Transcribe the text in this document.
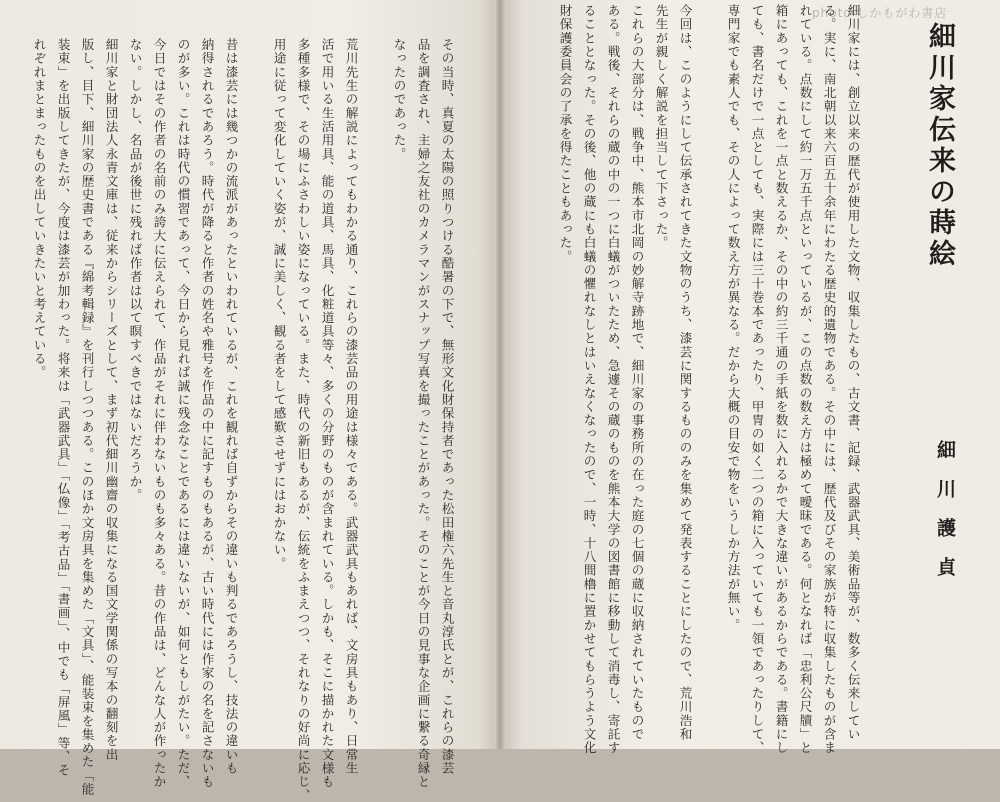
photo しかもがわ書店
細川家伝来の蒔絵
細川護貞
細川家には、創立以来の歴代が使用した文物、収集したもの、古文書、記録、武器武具、美術品等が、数多く伝来してい
る。実に、南北朝以来六百五十余年にわたる歴史的遺物である。その中には、歴代及びその家族が特に収集したものが含ま
れている。点数にして約一万五千点といっているが、この点数の数え方は極めて曖昧である。何となれば「忠利公尺牘」と
箱にあっても、これを一点と数えるか、その中の約三千通の手紙を数に入れるかで大きな違いがあるからである。書籍にし
ても、書名だけで一点としても、実際には三十巻本であったり、甲冑の如く二つの箱に入っていても一領であったりして、
専門家でも素人でも、その人によって数え方が異なる。だから大概の目安で物をいうしか方法が無い。
今回は、このようにして伝承されてきた文物のうち、漆芸に関するもののみを集めて発表することにしたので、荒川浩和
先生が親しく解説を担当して下さった。
これらの大部分は、戦争中、熊本市北岡の妙解寺跡地で、細川家の事務所の在った庭の七個の蔵に収納されていたもので
ある。戦後、それらの蔵の中の一つに白蟻がついたため、急遽その蔵のものを熊本大学の図書館に移動して消毒し、寄託す
ることとなった。その後、他の蔵にも白蟻の懼れなしとはいえなくなったので、一時、十八間櫓に置かせてもらうよう文化
財保護委員会の了承を得たこともあった。
その当時、真夏の太陽の照りつける酷暑の下で、無形文化財保持者であった松田権六先生と音丸淳氏とが、これらの漆芸
品を調査され、主婦之友社のカメラマンがスナップ写真を撮ったことがあった。そのことが今日の見事な企画に繋る奇縁と
なったのであった。
荒川先生の解説によってもわかる通り、これらの漆芸品の用途は様々である。武器武具もあれば、文房具もあり、日常生
活で用いる生活用具、能の道具、馬具、化粧道具等々、多くの分野のものが含まれている。しかも、そこに描かれた文様も
多種多様で、その場にふさわしい姿になっている。また、時代の新旧もあるが、伝統をふまえつつ、それなりの好尚に応じ、
用途に従って変化していく姿が、誠に美しく、観る者をして感歎させずにはおかない。
昔は漆芸には幾つかの流派があったといわれているが、これを観れば自ずからその違いも判るであろうし、技法の違いも
納得されるであろう。時代が降ると作者の姓名や雅号を作品の中に記すものもあるが、古い時代には作家の名を記さないも
のが多い。これは時代の慣習であって、今日から見れば誠に残念なことであるには違いないが、如何ともしがたい。ただ、
今日ではその作者の名前のみ誇大に伝えられて、作品がそれに伴わないものも多々ある。昔の作品は、どんな人が作ったか
ない。しかし、名品が後世に残れば作者は以て瞑すべきではないだろうか。
細川家と財団法人永青文庫は、従来からシリーズとして、まず初代細川幽齋の収集になる国文学関係の写本の翻刻を出
版し、目下、細川家の歴史書である『綿考輯録』を刊行しつつある。このほか文房具を集めた「文具」、能装束を集めた「能
装束」を出版してきたが、今度は漆芸が加わった。将来は「武器武具」「仏像」「考古品」「書画」、中でも「屏風」等、そ
れぞれまとまったものを出していきたいと考えている。
